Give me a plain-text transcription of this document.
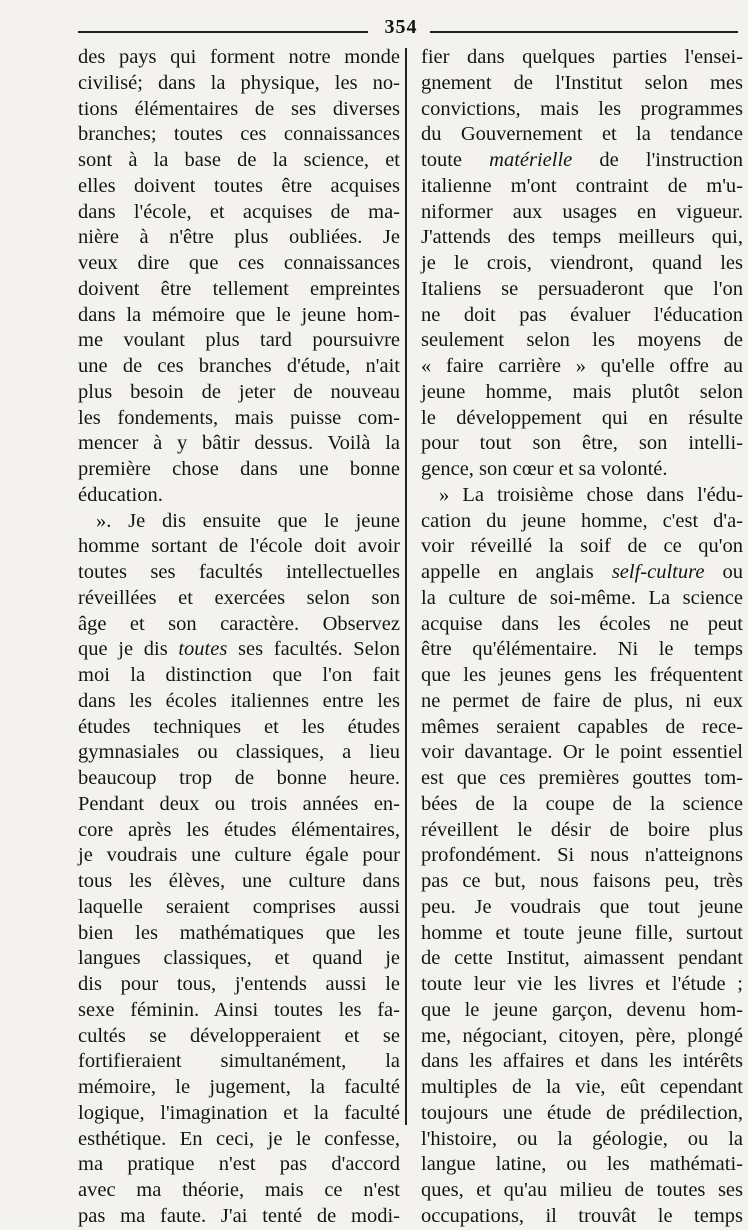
354
des pays qui forment notre monde
civilisé; dans la physique, les no-
tions élémentaires de ses diverses
branches; toutes ces connaissances
sont à la base de la science, et
elles doivent toutes être acquises
dans l'école, et acquises de ma-
nière à n'être plus oubliées. Je
veux dire que ces connaissances
doivent être tellement empreintes
dans la mémoire que le jeune hom-
me voulant plus tard poursuivre
une de ces branches d'étude, n'ait
plus besoin de jeter de nouveau
les fondements, mais puisse com-
mencer à y bâtir dessus. Voilà la
première chose dans une bonne
éducation.
». Je dis ensuite que le jeune
homme sortant de l'école doit avoir
toutes ses facultés intellectuelles
réveillées et exercées selon son
âge et son caractère. Observez
que je dis toutes ses facultés. Selon
moi la distinction que l'on fait
dans les écoles italiennes entre les
études techniques et les études
gymnasiales ou classiques, a lieu
beaucoup trop de bonne heure.
Pendant deux ou trois années en-
core après les études élémentaires,
je voudrais une culture égale pour
tous les élèves, une culture dans
laquelle seraient comprises aussi
bien les mathématiques que les
langues classiques, et quand je
dis pour tous, j'entends aussi le
sexe féminin. Ainsi toutes les fa-
cultés se développeraient et se
fortifieraient simultanément, la
mémoire, le jugement, la faculté
logique, l'imagination et la faculté
esthétique. En ceci, je le confesse,
ma pratique n'est pas d'accord
avec ma théorie, mais ce n'est
pas ma faute. J'ai tenté de modi-
fier dans quelques parties l'ensei-
gnement de l'Institut selon mes
convictions, mais les programmes
du Gouvernement et la tendance
toute matérielle de l'instruction
italienne m'ont contraint de m'u-
niformer aux usages en vigueur.
J'attends des temps meilleurs qui,
je le crois, viendront, quand les
Italiens se persuaderont que l'on
ne doit pas évaluer l'éducation
seulement selon les moyens de
« faire carrière » qu'elle offre au
jeune homme, mais plutôt selon
le développement qui en résulte
pour tout son être, son intelli-
gence, son cœur et sa volonté.
» La troisième chose dans l'édu-
cation du jeune homme, c'est d'a-
voir réveillé la soif de ce qu'on
appelle en anglais self-culture ou
la culture de soi-même. La science
acquise dans les écoles ne peut
être qu'élémentaire. Ni le temps
que les jeunes gens les fréquentent
ne permet de faire de plus, ni eux
mêmes seraient capables de rece-
voir davantage. Or le point essentiel
est que ces premières gouttes tom-
bées de la coupe de la science
réveillent le désir de boire plus
profondément. Si nous n'atteignons
pas ce but, nous faisons peu, très
peu. Je voudrais que tout jeune
homme et toute jeune fille, surtout
de cette Institut, aimassent pendant
toute leur vie les livres et l'étude ;
que le jeune garçon, devenu hom-
me, négociant, citoyen, père, plongé
dans les affaires et dans les intérêts
multiples de la vie, eût cependant
toujours une étude de prédilection,
l'histoire, ou la géologie, ou la
langue latine, ou les mathémati-
ques, et qu'au milieu de toutes ses
occupations, il trouvât le temps
